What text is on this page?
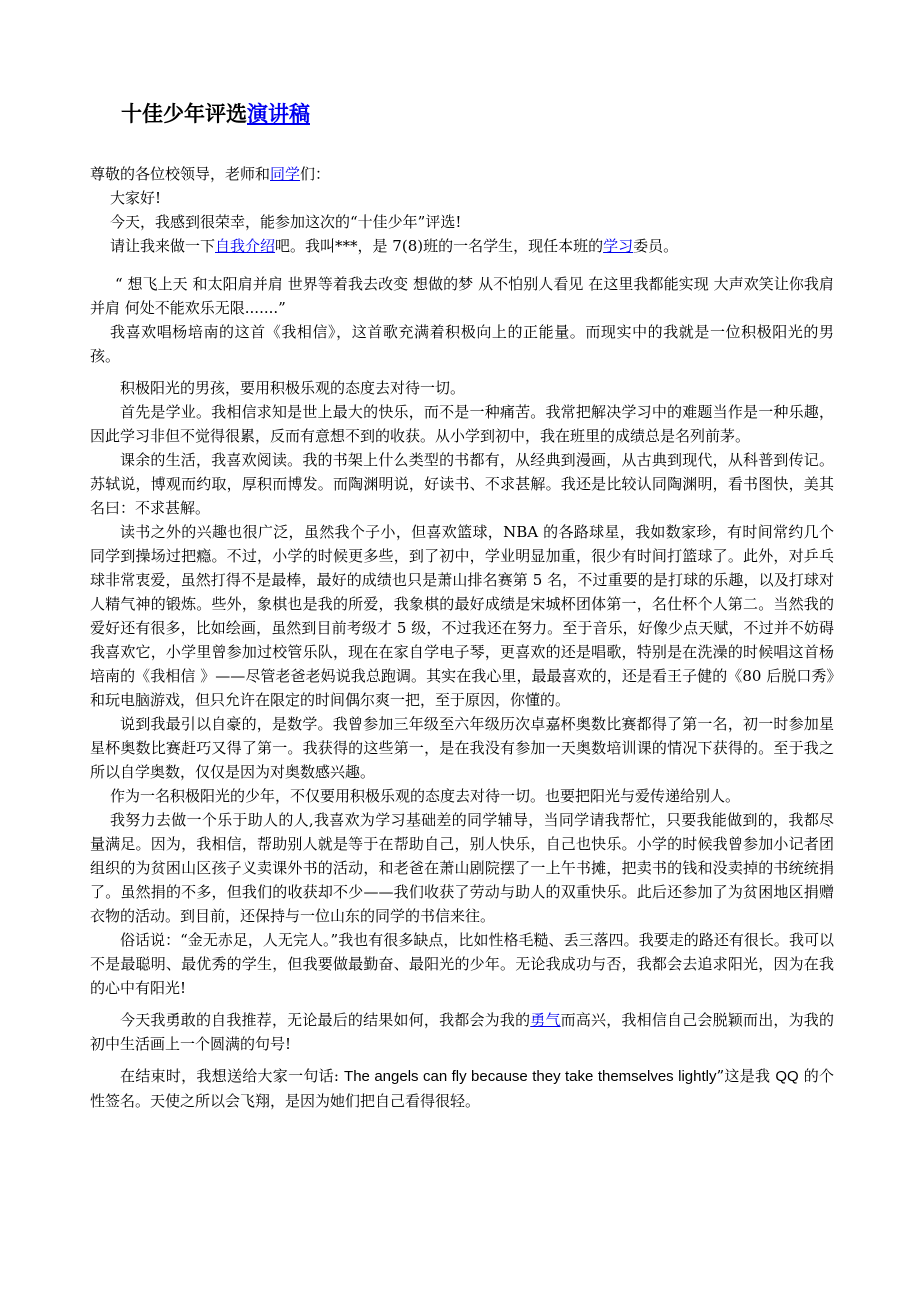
十佳少年评选演讲稿

尊敬的各位校领导，老师和同学们：

大家好!

今天，我感到很荣幸，能参加这次的“十佳少年”评选!

请让我来做一下自我介绍吧。我叫***，是 7(8)班的一名学生，现任本班的学习委员。

“ 想飞上天 和太阳肩并肩 世界等着我去改变 想做的梦 从不怕别人看见 在这里我都能实现 大声欢笑让你我肩并肩 何处不能欢乐无限.......”

我喜欢唱杨培南的这首《我相信》，这首歌充满着积极向上的正能量。而现实中的我就是一位积极阳光的男孩。

积极阳光的男孩，要用积极乐观的态度去对待一切。

首先是学业。我相信求知是世上最大的快乐，而不是一种痛苦。我常把解决学习中的难题当作是一种乐趣，因此学习非但不觉得很累，反而有意想不到的收获。从小学到初中，我在班里的成绩总是名列前茅。

课余的生活，我喜欢阅读。我的书架上什么类型的书都有，从经典到漫画，从古典到现代，从科普到传记。苏轼说，博观而约取，厚积而博发。而陶渊明说，好读书、不求甚解。我还是比较认同陶渊明，看书图快，美其名曰：不求甚解。

读书之外的兴趣也很广泛，虽然我个子小，但喜欢篮球，NBA 的各路球星，我如数家珍，有时间常约几个同学到操场过把瘾。不过，小学的时候更多些，到了初中，学业明显加重，很少有时间打篮球了。此外，对乒乓球非常衷爱，虽然打得不是最棒，最好的成绩也只是萧山排名赛第 5 名，不过重要的是打球的乐趣，以及打球对人精气神的锻炼。些外，象棋也是我的所爱，我象棋的最好成绩是宋城杯团体第一，名仕杯个人第二。当然我的爱好还有很多，比如绘画，虽然到目前考级才 5 级，不过我还在努力。至于音乐，好像少点天赋，不过并不妨碍我喜欢它，小学里曾参加过校管乐队，现在在家自学电子琴，更喜欢的还是唱歌，特别是在洗澡的时候唱这首杨培南的《我相信 》——尽管老爸老妈说我总跑调。其实在我心里，最最喜欢的，还是看王子健的《80 后脱口秀》和玩电脑游戏，但只允许在限定的时间偶尔爽一把，至于原因，你懂的。

说到我最引以自豪的，是数学。我曾参加三年级至六年级历次卓嘉杯奥数比赛都得了第一名，初一时参加星星杯奥数比赛赶巧又得了第一。我获得的这些第一，是在我没有参加一天奥数培训课的情况下获得的。至于我之所以自学奥数，仅仅是因为对奥数感兴趣。

作为一名积极阳光的少年，不仅要用积极乐观的态度去对待一切。也要把阳光与爱传递给别人。

我努力去做一个乐于助人的人,我喜欢为学习基础差的同学辅导，当同学请我帮忙，只要我能做到的，我都尽量满足。因为，我相信，帮助别人就是等于在帮助自己，别人快乐，自己也快乐。小学的时候我曾参加小记者团组织的为贫困山区孩子义卖课外书的活动，和老爸在萧山剧院摆了一上午书摊，把卖书的钱和没卖掉的书统统捐了。虽然捐的不多，但我们的收获却不少——我们收获了劳动与助人的双重快乐。此后还参加了为贫困地区捐赠衣物的活动。到目前，还保持与一位山东的同学的书信来往。

俗话说：“金无赤足，人无完人。”我也有很多缺点，比如性格毛糙、丢三落四。我要走的路还有很长。我可以不是最聪明、最优秀的学生，但我要做最勤奋、最阳光的少年。无论我成功与否，我都会去追求阳光，因为在我的心中有阳光!

今天我勇敢的自我推荐，无论最后的结果如何，我都会为我的勇气而高兴，我相信自己会脱颖而出，为我的初中生活画上一个圆满的句号!

在结束时，我想送给大家一句话: The angels can fly because they take themselves lightly”这是我 QQ 的个性签名。天使之所以会飞翔，是因为她们把自己看得很轻。
